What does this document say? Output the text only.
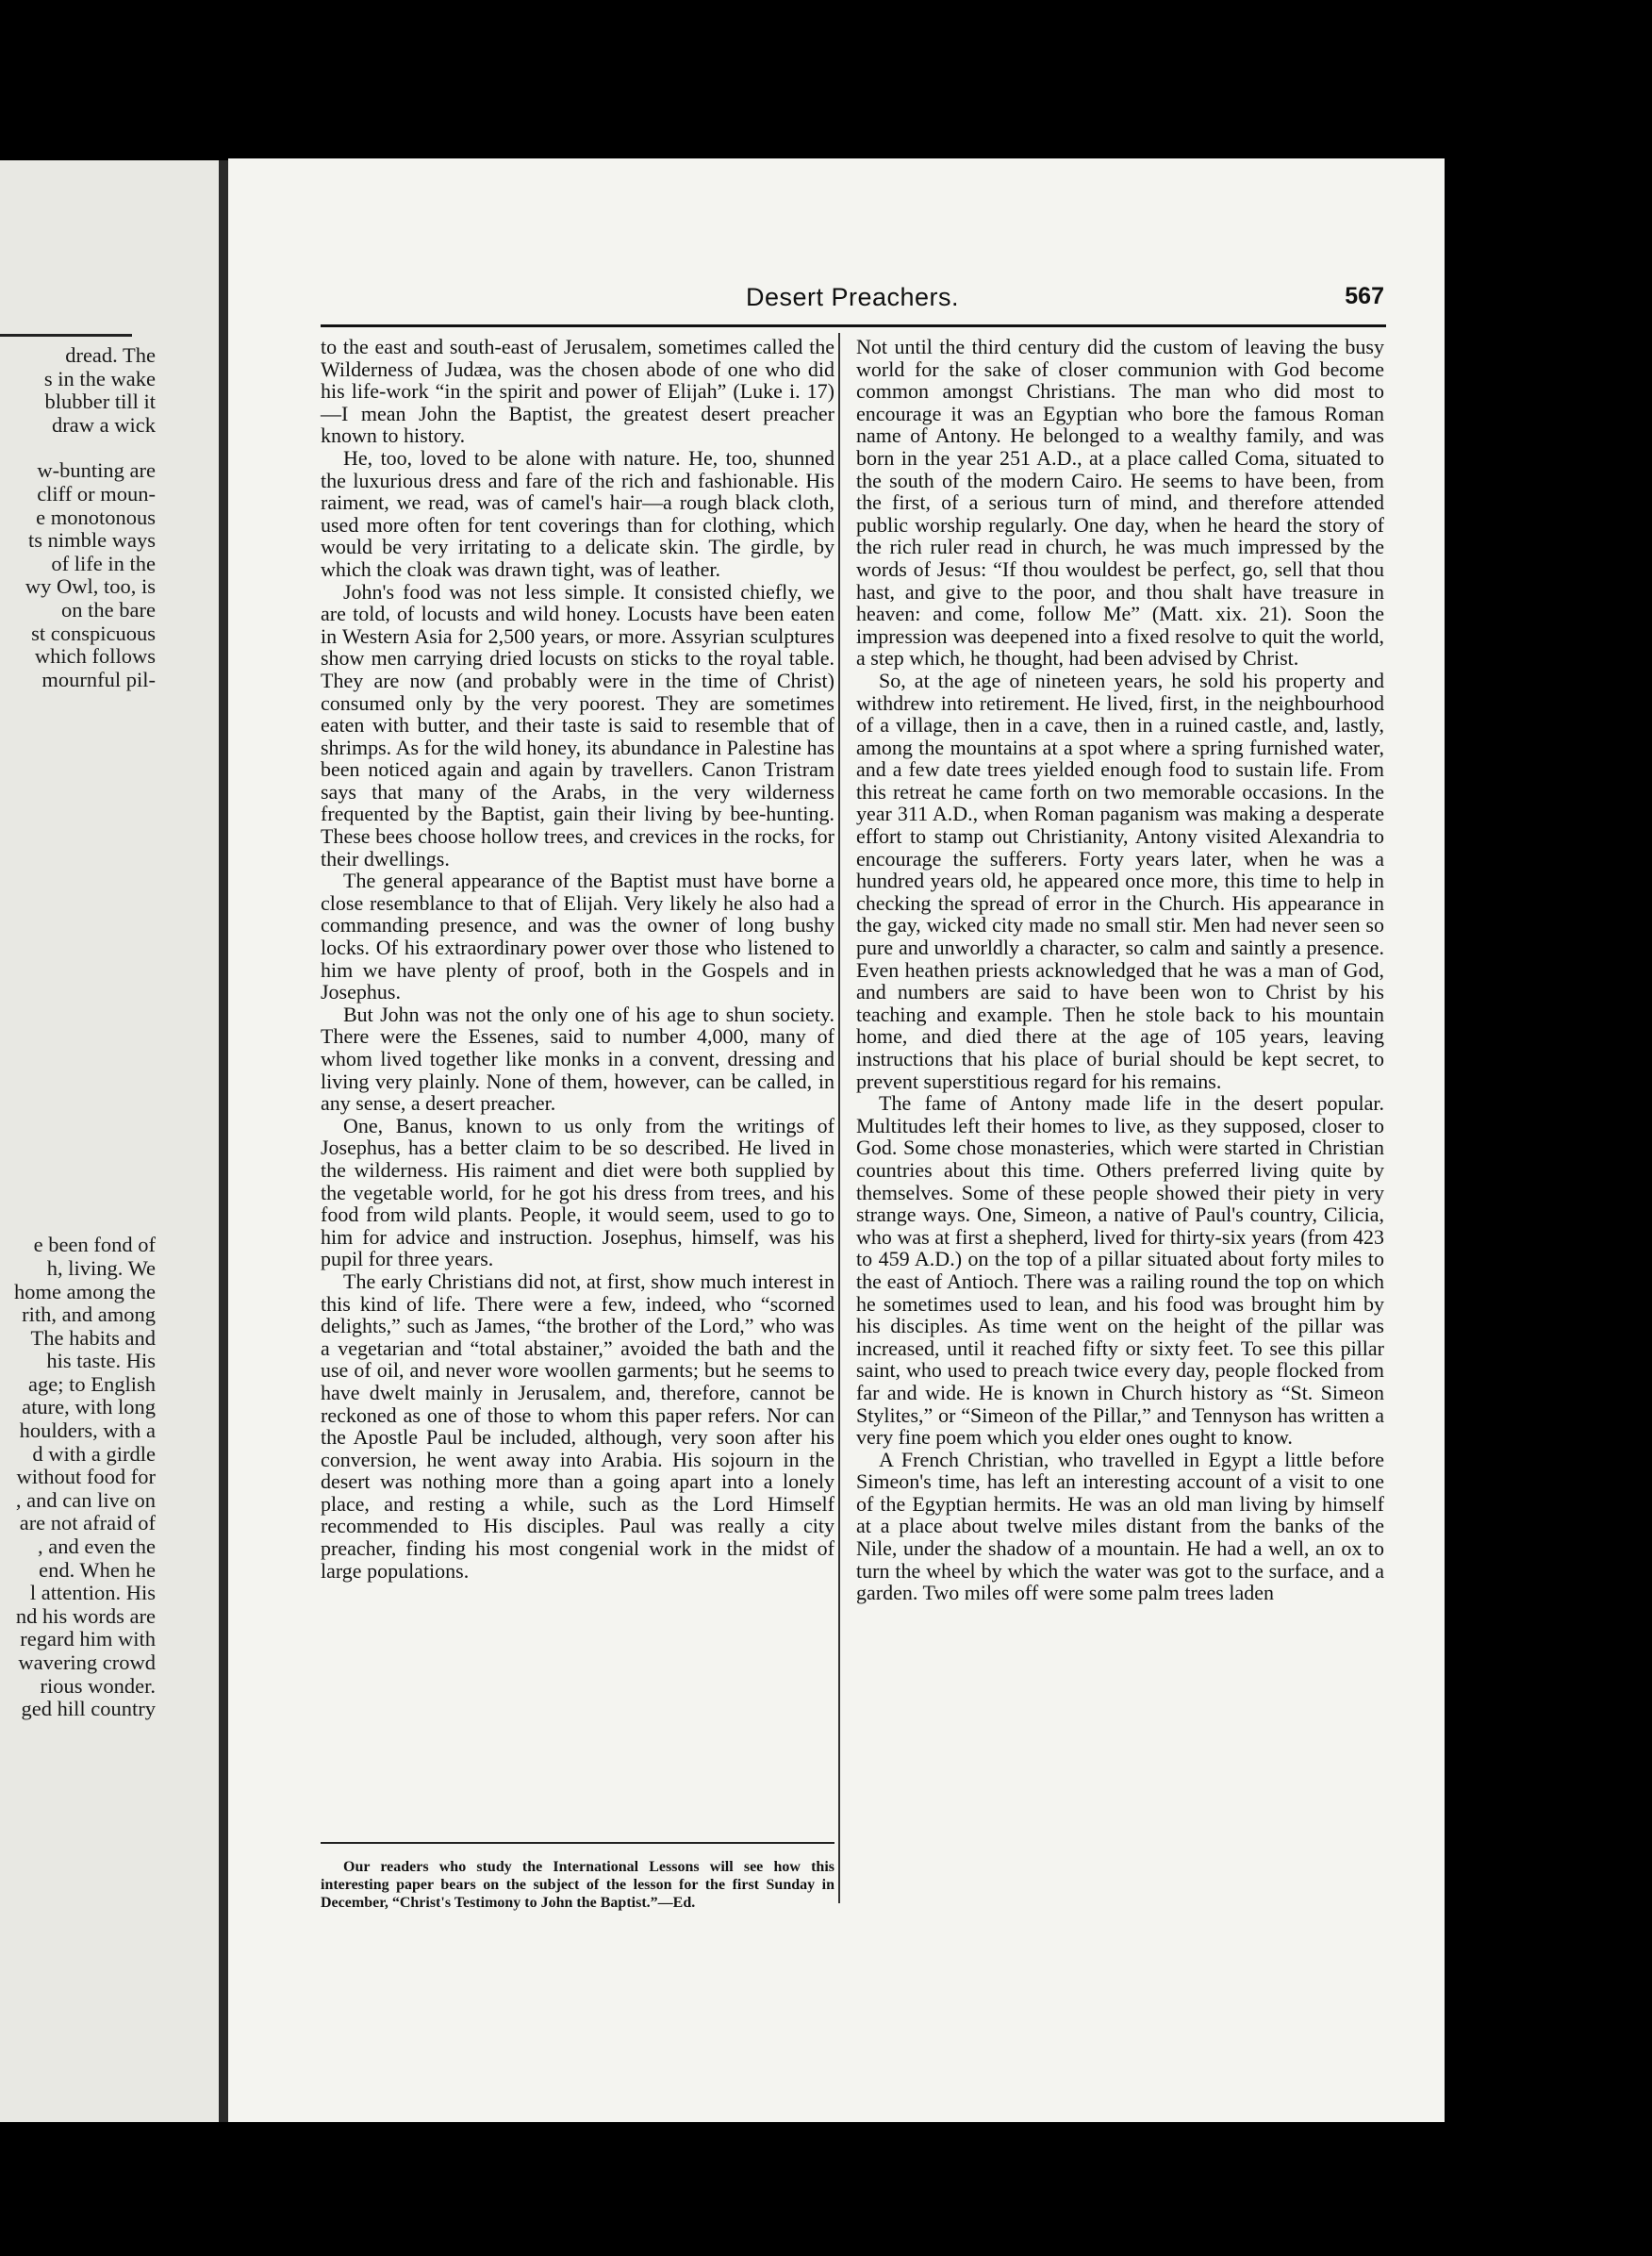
dread. The
s in the wake
blubber till it
draw a wick
w-bunting are
cliff or moun-
e monotonous
ts nimble ways
of life in the
wy Owl, too, is
on the bare
st conspicuous
which follows
mournful pil-
e been fond of
h, living. We
home among the
rith, and among
The habits and
his taste. His
age; to English
ature, with long
houlders, with a
d with a girdle
without food for
, and can live on
are not afraid of
, and even the
end. When he
l attention. His
nd his words are
regard him with
wavering crowd
rious wonder.
ged hill country
Desert Preachers.	567

to the east and south-east of Jerusalem, sometimes called the Wilderness of Judæa, was the chosen abode of one who did his life-work “in the spirit and power of Elijah” (Luke i. 17)—I mean John the Baptist, the greatest desert preacher known to history.

He, too, loved to be alone with nature. He, too, shunned the luxurious dress and fare of the rich and fashionable. His raiment, we read, was of camel's hair—a rough black cloth, used more often for tent coverings than for clothing, which would be very irritating to a delicate skin. The girdle, by which the cloak was drawn tight, was of leather.

John's food was not less simple. It consisted chiefly, we are told, of locusts and wild honey. Locusts have been eaten in Western Asia for 2,500 years, or more. Assyrian sculptures show men carrying dried locusts on sticks to the royal table. They are now (and probably were in the time of Christ) consumed only by the very poorest. They are sometimes eaten with butter, and their taste is said to resemble that of shrimps. As for the wild honey, its abundance in Palestine has been noticed again and again by travellers. Canon Tristram says that many of the Arabs, in the very wilderness frequented by the Baptist, gain their living by bee-hunting. These bees choose hollow trees, and crevices in the rocks, for their dwellings.

The general appearance of the Baptist must have borne a close resemblance to that of Elijah. Very likely he also had a commanding presence, and was the owner of long bushy locks. Of his extraordinary power over those who listened to him we have plenty of proof, both in the Gospels and in Josephus.

But John was not the only one of his age to shun society. There were the Essenes, said to number 4,000, many of whom lived together like monks in a convent, dressing and living very plainly. None of them, however, can be called, in any sense, a desert preacher.

One, Banus, known to us only from the writings of Josephus, has a better claim to be so described. He lived in the wilderness. His raiment and diet were both supplied by the vegetable world, for he got his dress from trees, and his food from wild plants. People, it would seem, used to go to him for advice and instruction. Josephus, himself, was his pupil for three years.

The early Christians did not, at first, show much interest in this kind of life. There were a few, indeed, who “scorned delights,” such as James, “the brother of the Lord,” who was a vegetarian and “total abstainer,” avoided the bath and the use of oil, and never wore woollen garments; but he seems to have dwelt mainly in Jerusalem, and, therefore, cannot be reckoned as one of those to whom this paper refers. Nor can the Apostle Paul be included, although, very soon after his conversion, he went away into Arabia. His sojourn in the desert was nothing more than a going apart into a lonely place, and resting a while, such as the Lord Himself recommended to His disciples. Paul was really a city preacher, finding his most congenial work in the midst of large populations.

Not until the third century did the custom of leaving the busy world for the sake of closer communion with God become common amongst Christians. The man who did most to encourage it was an Egyptian who bore the famous Roman name of Antony. He belonged to a wealthy family, and was born in the year 251 A.D., at a place called Coma, situated to the south of the modern Cairo. He seems to have been, from the first, of a serious turn of mind, and therefore attended public worship regularly. One day, when he heard the story of the rich ruler read in church, he was much impressed by the words of Jesus: “If thou wouldest be perfect, go, sell that thou hast, and give to the poor, and thou shalt have treasure in heaven: and come, follow Me” (Matt. xix. 21). Soon the impression was deepened into a fixed resolve to quit the world, a step which, he thought, had been advised by Christ.

So, at the age of nineteen years, he sold his property and withdrew into retirement. He lived, first, in the neighbourhood of a village, then in a cave, then in a ruined castle, and, lastly, among the mountains at a spot where a spring furnished water, and a few date trees yielded enough food to sustain life. From this retreat he came forth on two memorable occasions. In the year 311 A.D., when Roman paganism was making a desperate effort to stamp out Christianity, Antony visited Alexandria to encourage the sufferers. Forty years later, when he was a hundred years old, he appeared once more, this time to help in checking the spread of error in the Church. His appearance in the gay, wicked city made no small stir. Men had never seen so pure and unworldly a character, so calm and saintly a presence. Even heathen priests acknowledged that he was a man of God, and numbers are said to have been won to Christ by his teaching and example. Then he stole back to his mountain home, and died there at the age of 105 years, leaving instructions that his place of burial should be kept secret, to prevent superstitious regard for his remains.

The fame of Antony made life in the desert popular. Multitudes left their homes to live, as they supposed, closer to God. Some chose monasteries, which were started in Christian countries about this time. Others preferred living quite by themselves. Some of these people showed their piety in very strange ways. One, Simeon, a native of Paul's country, Cilicia, who was at first a shepherd, lived for thirty-six years (from 423 to 459 A.D.) on the top of a pillar situated about forty miles to the east of Antioch. There was a railing round the top on which he sometimes used to lean, and his food was brought him by his disciples. As time went on the height of the pillar was increased, until it reached fifty or sixty feet. To see this pillar saint, who used to preach twice every day, people flocked from far and wide. He is known in Church history as “St. Simeon Stylites,” or “Simeon of the Pillar,” and Tennyson has written a very fine poem which you elder ones ought to know.

A French Christian, who travelled in Egypt a little before Simeon's time, has left an interesting account of a visit to one of the Egyptian hermits. He was an old man living by himself at a place about twelve miles distant from the banks of the Nile, under the shadow of a mountain. He had a well, an ox to turn the wheel by which the water was got to the surface, and a garden. Two miles off were some palm trees laden

Our readers who study the International Lessons will see how this interesting paper bears on the subject of the lesson for the first Sunday in December, “Christ's Testimony to John the Baptist.”—Ed.
